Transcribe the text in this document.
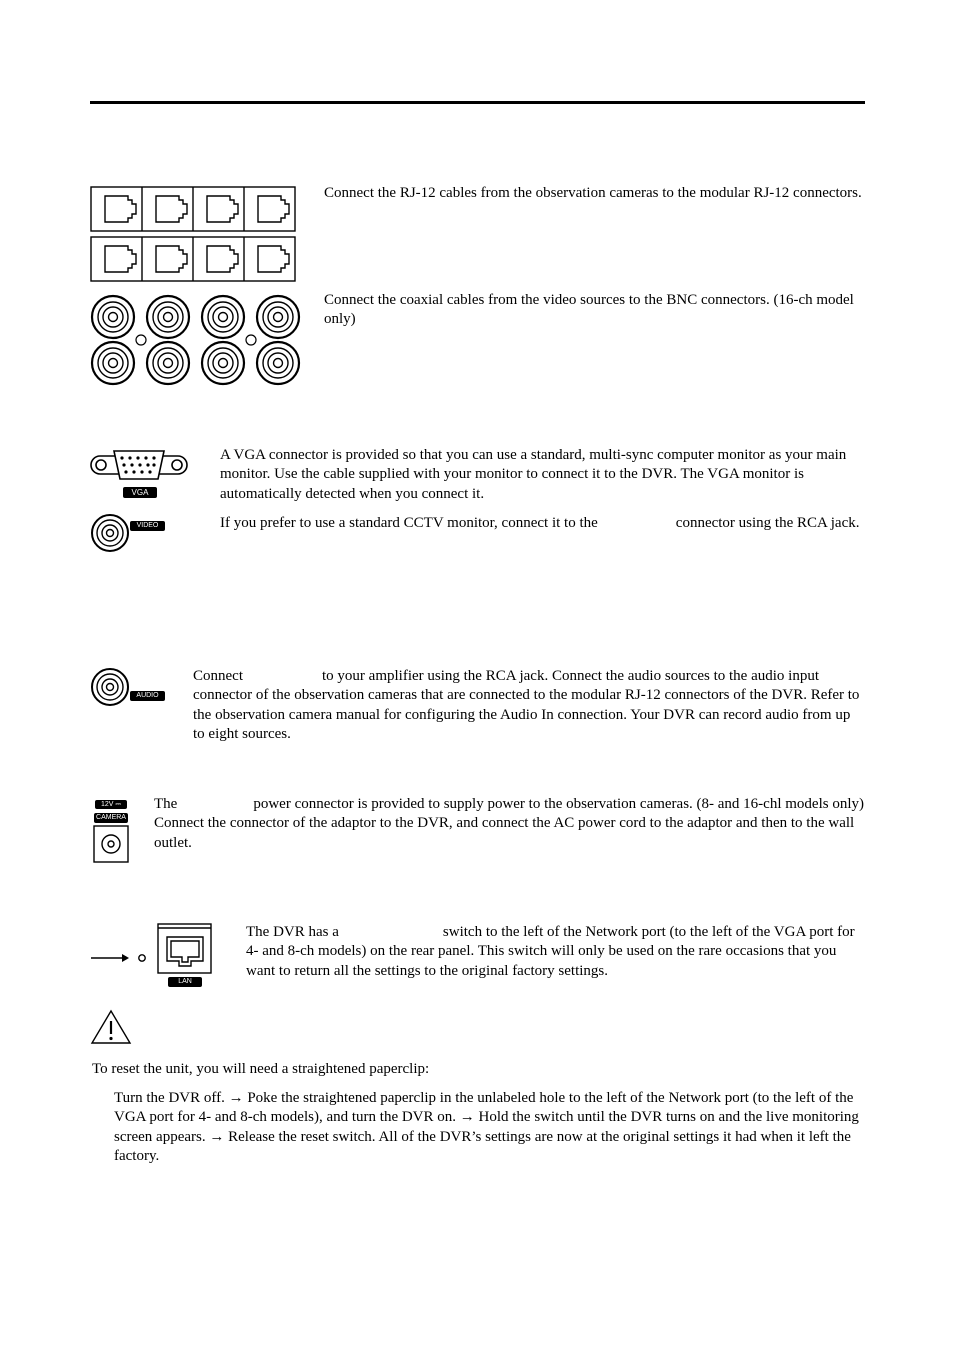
Connect the RJ-12 cables from the observation cameras to the modular RJ-12 connectors.
Connect the coaxial cables from the video sources to the BNC connectors. (16-ch model only)
VGA
A VGA connector is provided so that you can use a standard, multi-sync computer monitor as your main monitor. Use the cable supplied with your monitor to connect it to the DVR. The VGA monitor is automatically detected when you connect it.
VIDEO OUT
If you prefer to use a standard CCTV monitor, connect it to the	connector using the RCA jack.
AUDIO OUT
Connect	to your amplifier using the RCA jack. Connect the audio sources to the audio input connector of the observation cameras that are connected to the modular RJ-12 connectors of the DVR. Refer to the observation camera manual for configuring the Audio In connection. Your DVR can record audio from up to eight sources.
12V ⎓
CAMERA
The	power connector is provided to supply power to the observation cameras. (8- and 16-chl models only) Connect the connector of the adaptor to the DVR, and connect the AC power cord to the adaptor and then to the wall outlet.
LAN
The DVR has a	switch to the left of the Network port (to the left of the VGA port for 4- and 8-ch models) on the rear panel. This switch will only be used on the rare occasions that you want to return all the settings to the original factory settings.
To reset the unit, you will need a straightened paperclip:
Turn the DVR off. → Poke the straightened paperclip in the unlabeled hole to the left of the Network port (to the left of the VGA port for 4- and 8-ch models), and turn the DVR on. → Hold the switch until the DVR turns on and the live monitoring screen appears. → Release the reset switch. All of the DVR’s settings are now at the original settings it had when it left the factory.
